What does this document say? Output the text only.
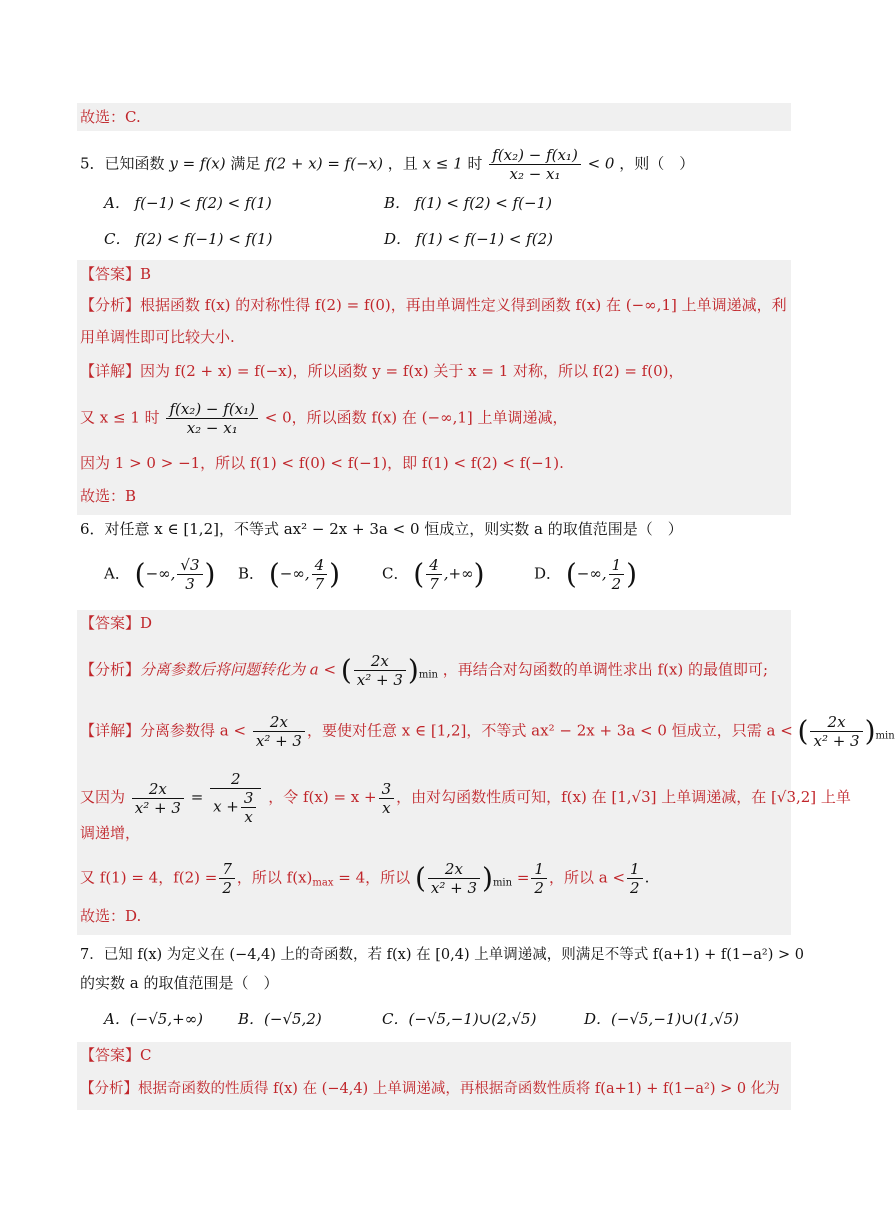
故选：C.
5．已知函数 y = f(x) 满足 f(2 + x) = f(−x) ，且 x ≤ 1 时 $\frac{\text{f(x₂) − f(x₁)}}{\text{x₂ − x₁}} < 0$ ，则（　）
A． f(−1) < f(2) < f(1)	B． f(1) < f(2) < f(−1)
C． f(2) < f(−1) < f(1)	D． f(1) < f(−1) < f(2)
【答案】B
【分析】根据函数 f(x) 的对称性得 f(2) = f(0)，再由单调性定义得到函数 f(x) 在 (−∞,1] 上单调递减，利
用单调性即可比较大小.
【详解】因为 f(2 + x) = f(−x)，所以函数 y = f(x) 关于 x = 1 对称，所以 f(2) = f(0)，
又 x ≤ 1 时 $\frac{\text{f(x₂) − f(x₁)}}{\text{x₂ − x₁}} < 0$，所以函数 f(x) 在 (−∞,1] 上单调递减，
因为 1 > 0 > −1，所以 f(1) < f(0) < f(−1)，即 f(1) < f(2) < f(−1).
故选：B
6．对任意 x ∈ [1,2]，不等式 ax² − 2x + 3a < 0 恒成立，则实数 a 的取值范围是（　）
A． (−∞, $\frac{√3}{3}$ ) B． (−∞, $\frac{4}{7}$ )	C． ( $\frac{4}{7}$ ,+∞)	D． (−∞, $\frac{1}{2}$ )
【答案】D
【分析】分离参数后将问题转化为 a < ( $\frac{2x}{\text{x² + 3}} )_{min}$ ，再结合对勾函数的单调性求出 f(x) 的最值即可;
【详解】分离参数得 $a < \frac{2x}{\text{x² + 3}}$ ，要使对任意 x ∈ [1,2]，不等式 ax² − 2x + 3a < 0 恒成立，只需 a < ( $\frac{2x}{\text{x² + 3}} )_{min}$
又因为 $\frac{2x}{\text{x² + 3}} = \frac{2}{x + \frac{3}{x}}$ ，令 $f(x) = x + \frac{3}{x}$ ，由对勾函数性质可知，f(x) 在 [1,√3] 上单调递减，在 [√3,2] 上单
调递增，
又 f(1) = 4，$f(2) = \frac{7}{2}$ ，所以 $f(x)_{max} = 4$，所以 ( $\frac{2x}{\text{x² + 3}} )_{min} = \frac{1}{2}$ ，所以 $a < \frac{1}{2}$ .
故选：D.
7．已知 f(x) 为定义在 (−4,4) 上的奇函数，若 f(x) 在 [0,4) 上单调递减，则满足不等式 f(a+1) + f(1−a²) > 0
的实数 a 的取值范围是（　）
A．(−√5,+∞) B．(−√5,2)	C．(−√5,−1)∪(2,√5)	D．(−√5,−1)∪(1,√5)
【答案】C
【分析】根据奇函数的性质得 f(x) 在 (−4,4) 上单调递减，再根据奇函数性质将 f(a+1) + f(1−a²) > 0 化为
